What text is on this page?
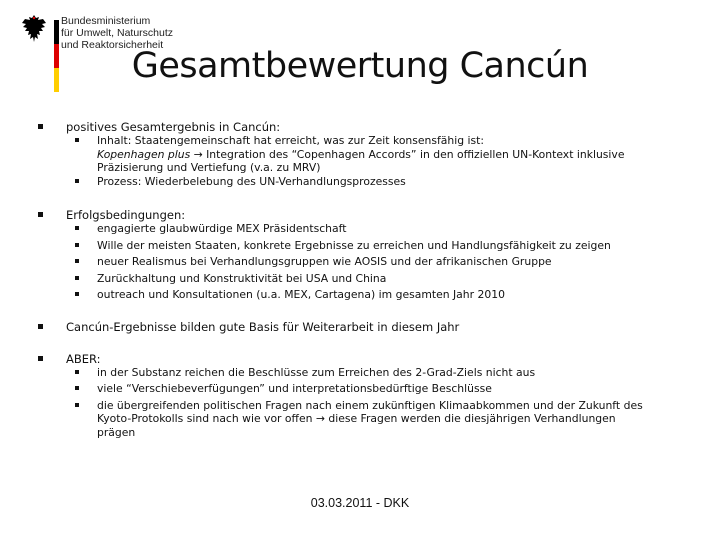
Bundesministerium
für Umwelt, Naturschutz
und Reaktorsicherheit
Gesamtbewertung Cancún
positives Gesamtergebnis in Cancún:
Inhalt: Staatengemeinschaft hat erreicht, was zur Zeit konsensfähig ist:
Kopenhagen plus → Integration des “Copenhagen Accords” in den offiziellen UN-Kontext inklusive
Präzisierung und Vertiefung (v.a. zu MRV)
Prozess: Wiederbelebung des UN-Verhandlungsprozesses
Erfolgsbedingungen:
engagierte glaubwürdige MEX Präsidentschaft
Wille der meisten Staaten, konkrete Ergebnisse zu erreichen und Handlungsfähigkeit zu zeigen
neuer Realismus bei Verhandlungsgruppen wie AOSIS und der afrikanischen Gruppe
Zurückhaltung und Konstruktivität bei USA und China
outreach und Konsultationen (u.a. MEX, Cartagena) im gesamten Jahr 2010
Cancún-Ergebnisse bilden gute Basis für Weiterarbeit in diesem Jahr
ABER:
in der Substanz reichen die Beschlüsse zum Erreichen des 2-Grad-Ziels nicht aus
viele “Verschiebeverfügungen” und interpretationsbedürftige Beschlüsse
die übergreifenden politischen Fragen nach einem zukünftigen Klimaabkommen und der Zukunft des
Kyoto-Protokolls sind nach wie vor offen → diese Fragen werden die diesjährigen Verhandlungen
prägen
03.03.2011 - DKK
